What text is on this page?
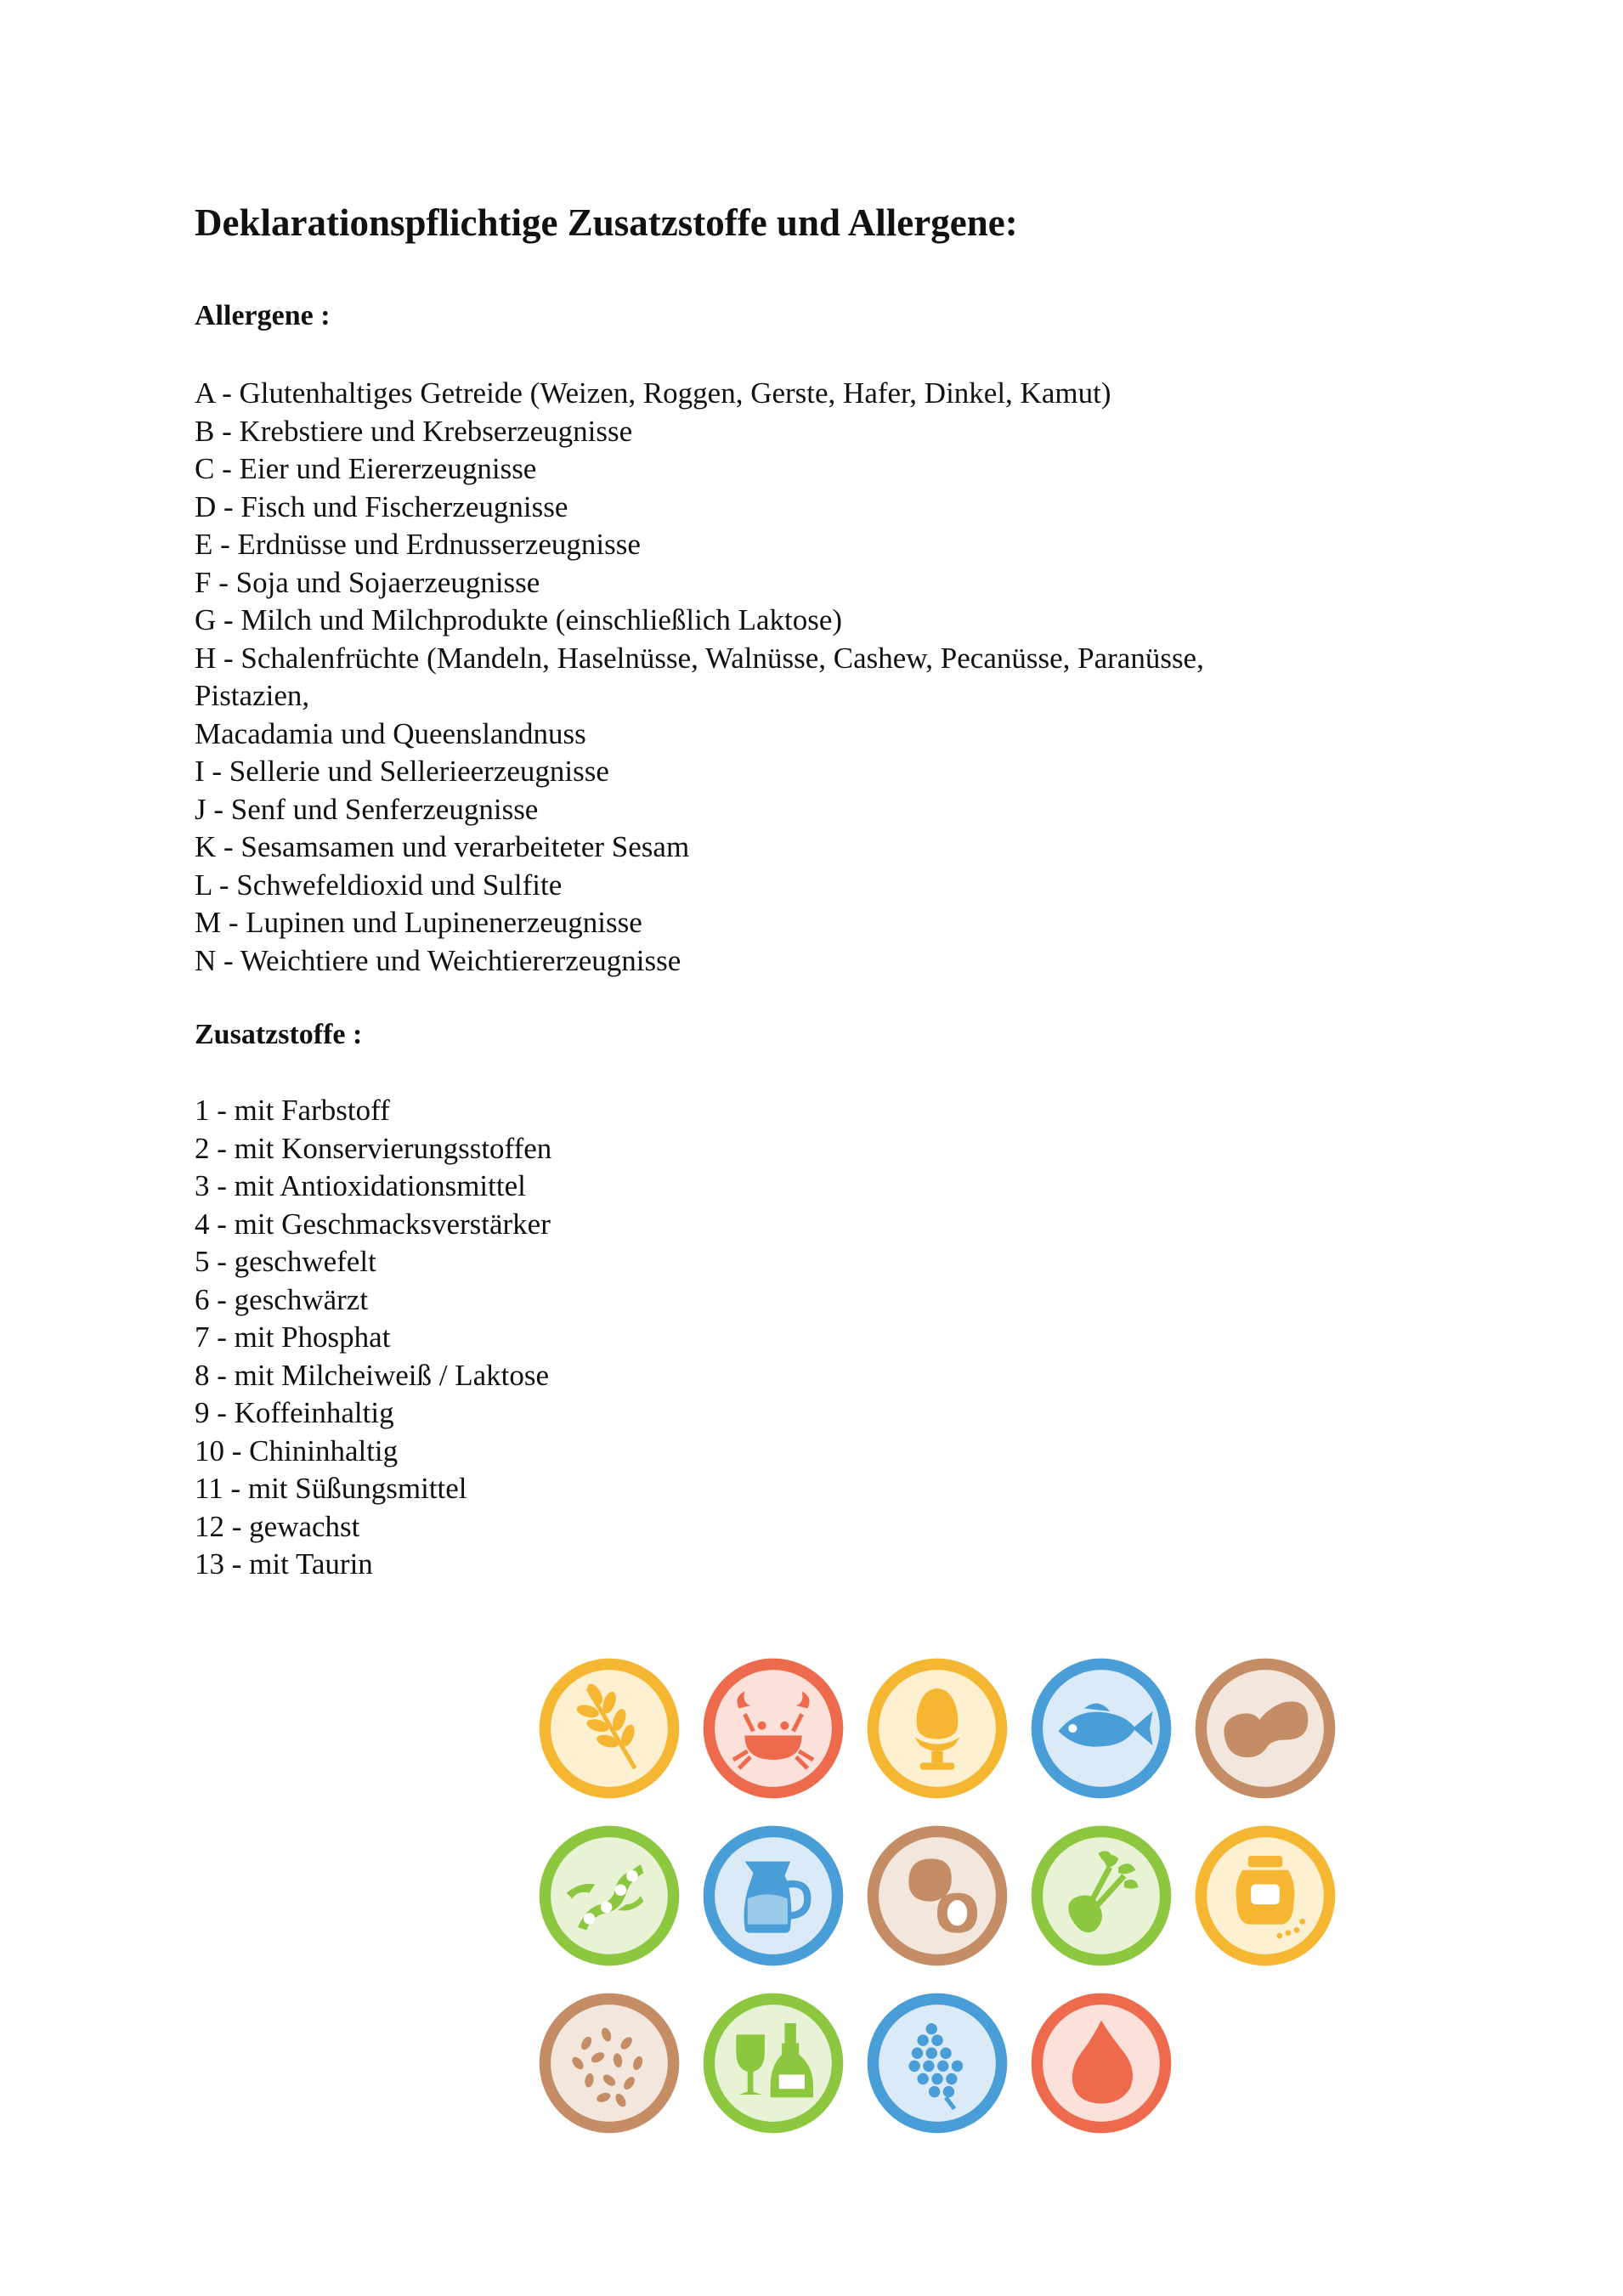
Deklarationspflichtige Zusatzstoffe und Allergene:
Allergene :
A - Glutenhaltiges Getreide (Weizen, Roggen, Gerste, Hafer, Dinkel, Kamut)
B - Krebstiere und Krebserzeugnisse
C - Eier und Eiererzeugnisse
D - Fisch und Fischerzeugnisse
E - Erdnüsse und Erdnusserzeugnisse
F - Soja und Sojaerzeugnisse
G - Milch und Milchprodukte (einschließlich Laktose)
H - Schalenfrüchte (Mandeln, Haselnüsse, Walnüsse, Cashew, Pecanüsse, Paranüsse,
Pistazien,
Macadamia und Queenslandnuss
I - Sellerie und Sellerieerzeugnisse
J - Senf und Senferzeugnisse
K - Sesamsamen und verarbeiteter Sesam
L - Schwefeldioxid und Sulfite
M - Lupinen und Lupinenerzeugnisse
N - Weichtiere und Weichtiererzeugnisse
Zusatzstoffe :
1 - mit Farbstoff
2 - mit Konservierungsstoffen
3 - mit Antioxidationsmittel
4 - mit Geschmacksverstärker
5 - geschwefelt
6 - geschwärzt
7 - mit Phosphat
8 - mit Milcheiweiß / Laktose
9 - Koffeinhaltig
10 - Chininhaltig
11 - mit Süßungsmittel
12 - gewachst
13 - mit Taurin
